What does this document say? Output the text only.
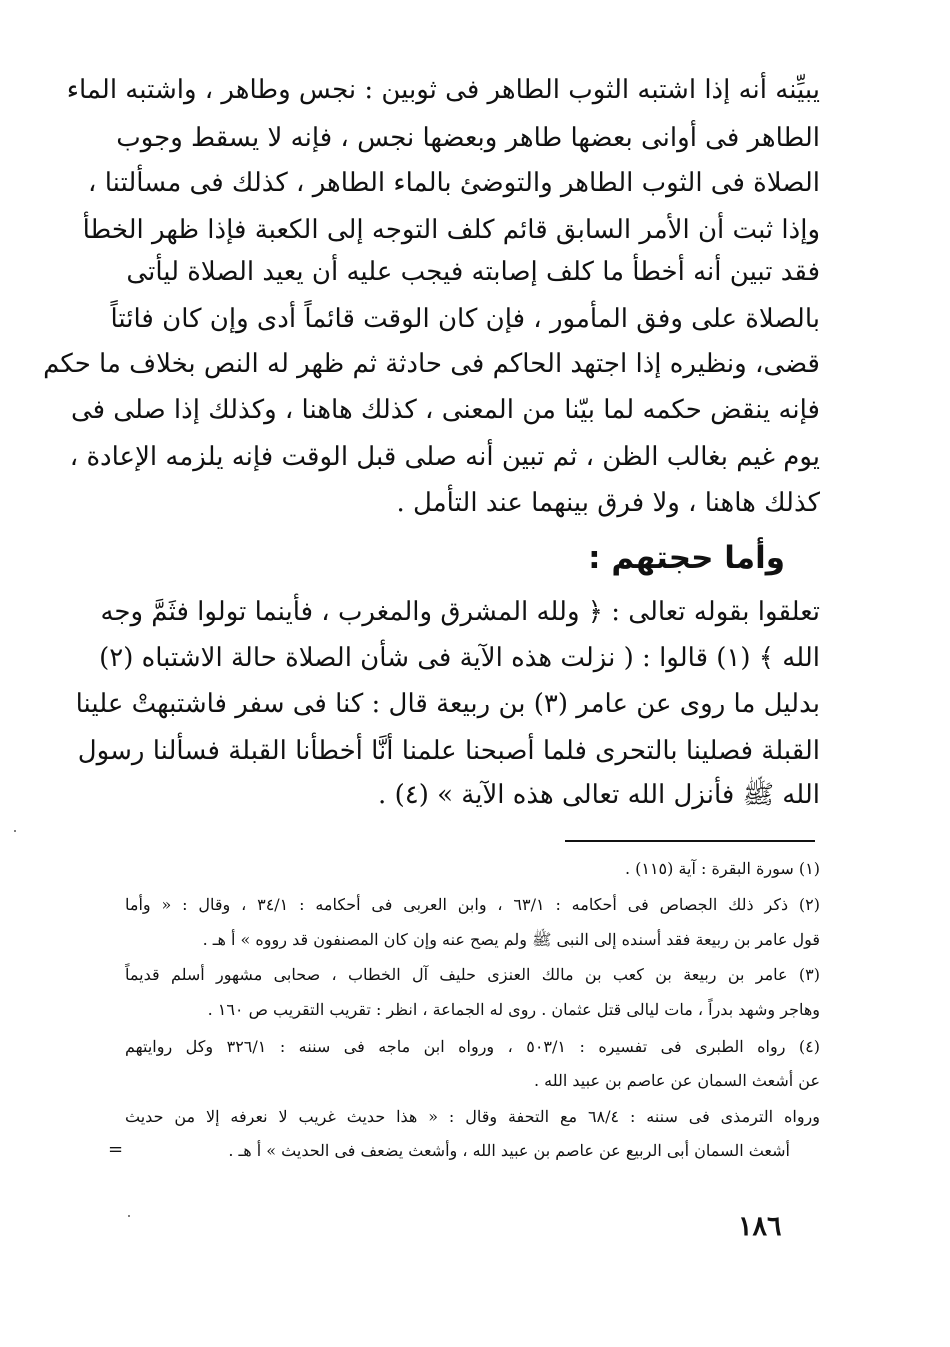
يبيِّنه أنه إذا اشتبه الثوب الطاهر فى ثوبين : نجس وطاهر ، واشتبه الماء
الطاهر فى أوانى بعضها طاهر وبعضها نجس ، فإنه لا يسقط وجوب
الصلاة فى الثوب الطاهر والتوضئ بالماء الطاهر ، كذلك فى مسألتنا ،
وإذا ثبت أن الأمر السابق قائم كلف التوجه إلى الكعبة فإذا ظهر الخطأ
فقد تبين أنه أخطأ ما كلف إصابته فيجب عليه أن يعيد الصلاة ليأتى
بالصلاة على وفق المأمور ، فإن كان الوقت قائماً أدى وإن كان فائتاً
قضى، ونظيره إذا اجتهد الحاكم فى حادثة ثم ظهر له النص بخلاف ما حكم
فإنه ينقض حكمه لما بيّنا من المعنى ، كذلك هاهنا ، وكذلك إذا صلى فى
يوم غيم بغالب الظن ، ثم تبين أنه صلى قبل الوقت فإنه يلزمه الإعادة ،
كذلك هاهنا ، ولا فرق بينهما عند التأمل .
وأما حجتهم :
تعلقوا بقوله تعالى : ﴿ ولله المشرق والمغرب ، فأينما تولوا فثَمَّ وجه
الله ﴾ (١) قالوا : ( نزلت هذه الآية فى شأن الصلاة حالة الاشتباه (٢)
بدليل ما روى عن عامر (٣) بن ربيعة قال : كنا فى سفر فاشتبهتْ علينا
القبلة فصلينا بالتحرى فلما أصبحنا علمنا أنَّا أخطأنا القبلة فسألنا رسول
الله ﷺ فأنزل الله تعالى هذه الآية » (٤) .
(١) سورة البقرة : آية (١١٥) .
(٢) ذكر ذلك الجصاص فى أحكامه : ٦٣/١ ، وابن العربى فى أحكامه : ٣٤/١ ، وقال : « وأما
قول عامر بن ربيعة فقد أسنده إلى النبى ﷺ ولم يصح عنه وإن كان المصنفون قد رووه » أ هـ .
(٣) عامر بن ربيعة بن كعب بن مالك العنزى حليف آل الخطاب ، صحابى مشهور أسلم قديماً
وهاجر وشهد بدراً ، مات ليالى قتل عثمان . روى له الجماعة ، انظر : تقريب التقريب ص ١٦٠ .
(٤) رواه الطبرى فى تفسيره : ٥٠٣/١ ، ورواه ابن ماجه فى سننه : ٣٢٦/١ وكل روايتهم
عن أشعث السمان عن عاصم بن عبيد الله .
ورواه الترمذى فى سننه : ٦٨/٤ مع التحفة وقال : « هذا حديث غريب لا نعرفه إلا من حديث
أشعث السمان أبى الربيع عن عاصم بن عبيد الله ، وأشعث يضعف فى الحديث » أ هـ .
=
١٨٦
